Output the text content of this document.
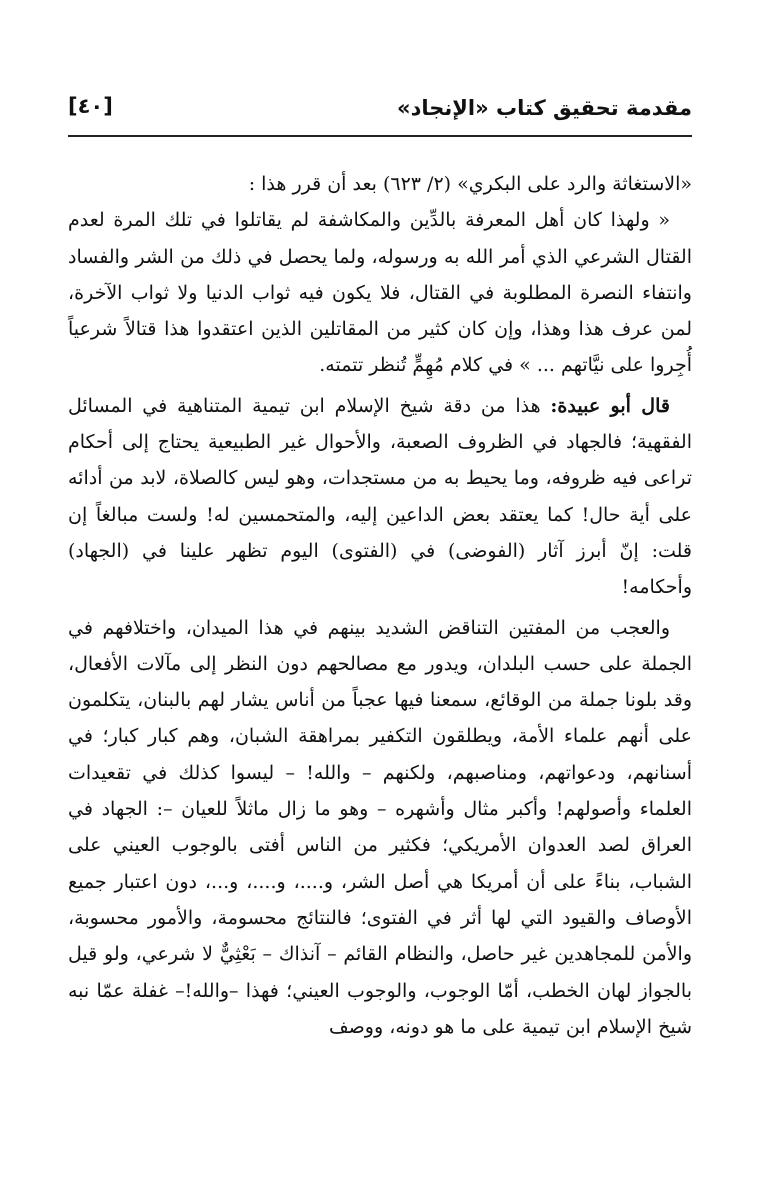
مقدمة تحقيق كتاب «الإنجاد»
[٤٠]

«الاستغاثة والرد على البكري» (٢/ ٦٢٣) بعد أن قرر هذا :

« ولهذا كان أهل المعرفة بالدِّين والمكاشفة لم يقاتلوا في تلك المرة لعدم القتال الشرعي الذي أمر الله به ورسوله، ولما يحصل في ذلك من الشر والفساد وانتفاء النصرة المطلوبة في القتال، فلا يكون فيه ثواب الدنيا ولا ثواب الآخرة، لمن عرف هذا وهذا، وإن كان كثير من المقاتلين الذين اعتقدوا هذا قتالاً شرعياً أُجِروا على نيَّاتهم ... » في كلام مُهِمٍّ تُنظر تتمته.

قال أبو عبيدة: هذا من دقة شيخ الإسلام ابن تيمية المتناهية في المسائل الفقهية؛ فالجهاد في الظروف الصعبة، والأحوال غير الطبيعية يحتاج إلى أحكام تراعى فيه ظروفه، وما يحيط به من مستجدات، وهو ليس كالصلاة، لابد من أدائه على أية حال! كما يعتقد بعض الداعين إليه، والمتحمسين له! ولست مبالغاً إن قلت: إنّ أبرز آثار (الفوضى) في (الفتوى) اليوم تظهر علينا في (الجهاد) وأحكامه!

والعجب من المفتين التناقض الشديد بينهم في هذا الميدان، واختلافهم في الجملة على حسب البلدان، ويدور مع مصالحهم دون النظر إلى مآلات الأفعال، وقد بلونا جملة من الوقائع، سمعنا فيها عجباً من أناس يشار لهم بالبنان، يتكلمون على أنهم علماء الأمة، ويطلقون التكفير بمراهقة الشبان، وهم كبار كبار؛ في أسنانهم، ودعواتهم، ومناصبهم، ولكنهم – والله! – ليسوا كذلك في تقعيدات العلماء وأصولهم! وأكبر مثال وأشهره – وهو ما زال ماثلاً للعيان –: الجهاد في العراق لصد العدوان الأمريكي؛ فكثير من الناس أفتى بالوجوب العيني على الشباب، بناءً على أن أمريكا هي أصل الشر، و....، و....، و...، دون اعتبار جميع الأوصاف والقيود التي لها أثر في الفتوى؛ فالنتائج محسومة، والأمور محسوبة، والأمن للمجاهدين غير حاصل، والنظام القائم – آنذاك – بَعْثِيٌّ لا شرعي، ولو قيل بالجواز لهان الخطب، أمّا الوجوب، والوجوب العيني؛ فهذا –والله!– غفلة عمّا نبه شيخ الإسلام ابن تيمية على ما هو دونه، ووصف
